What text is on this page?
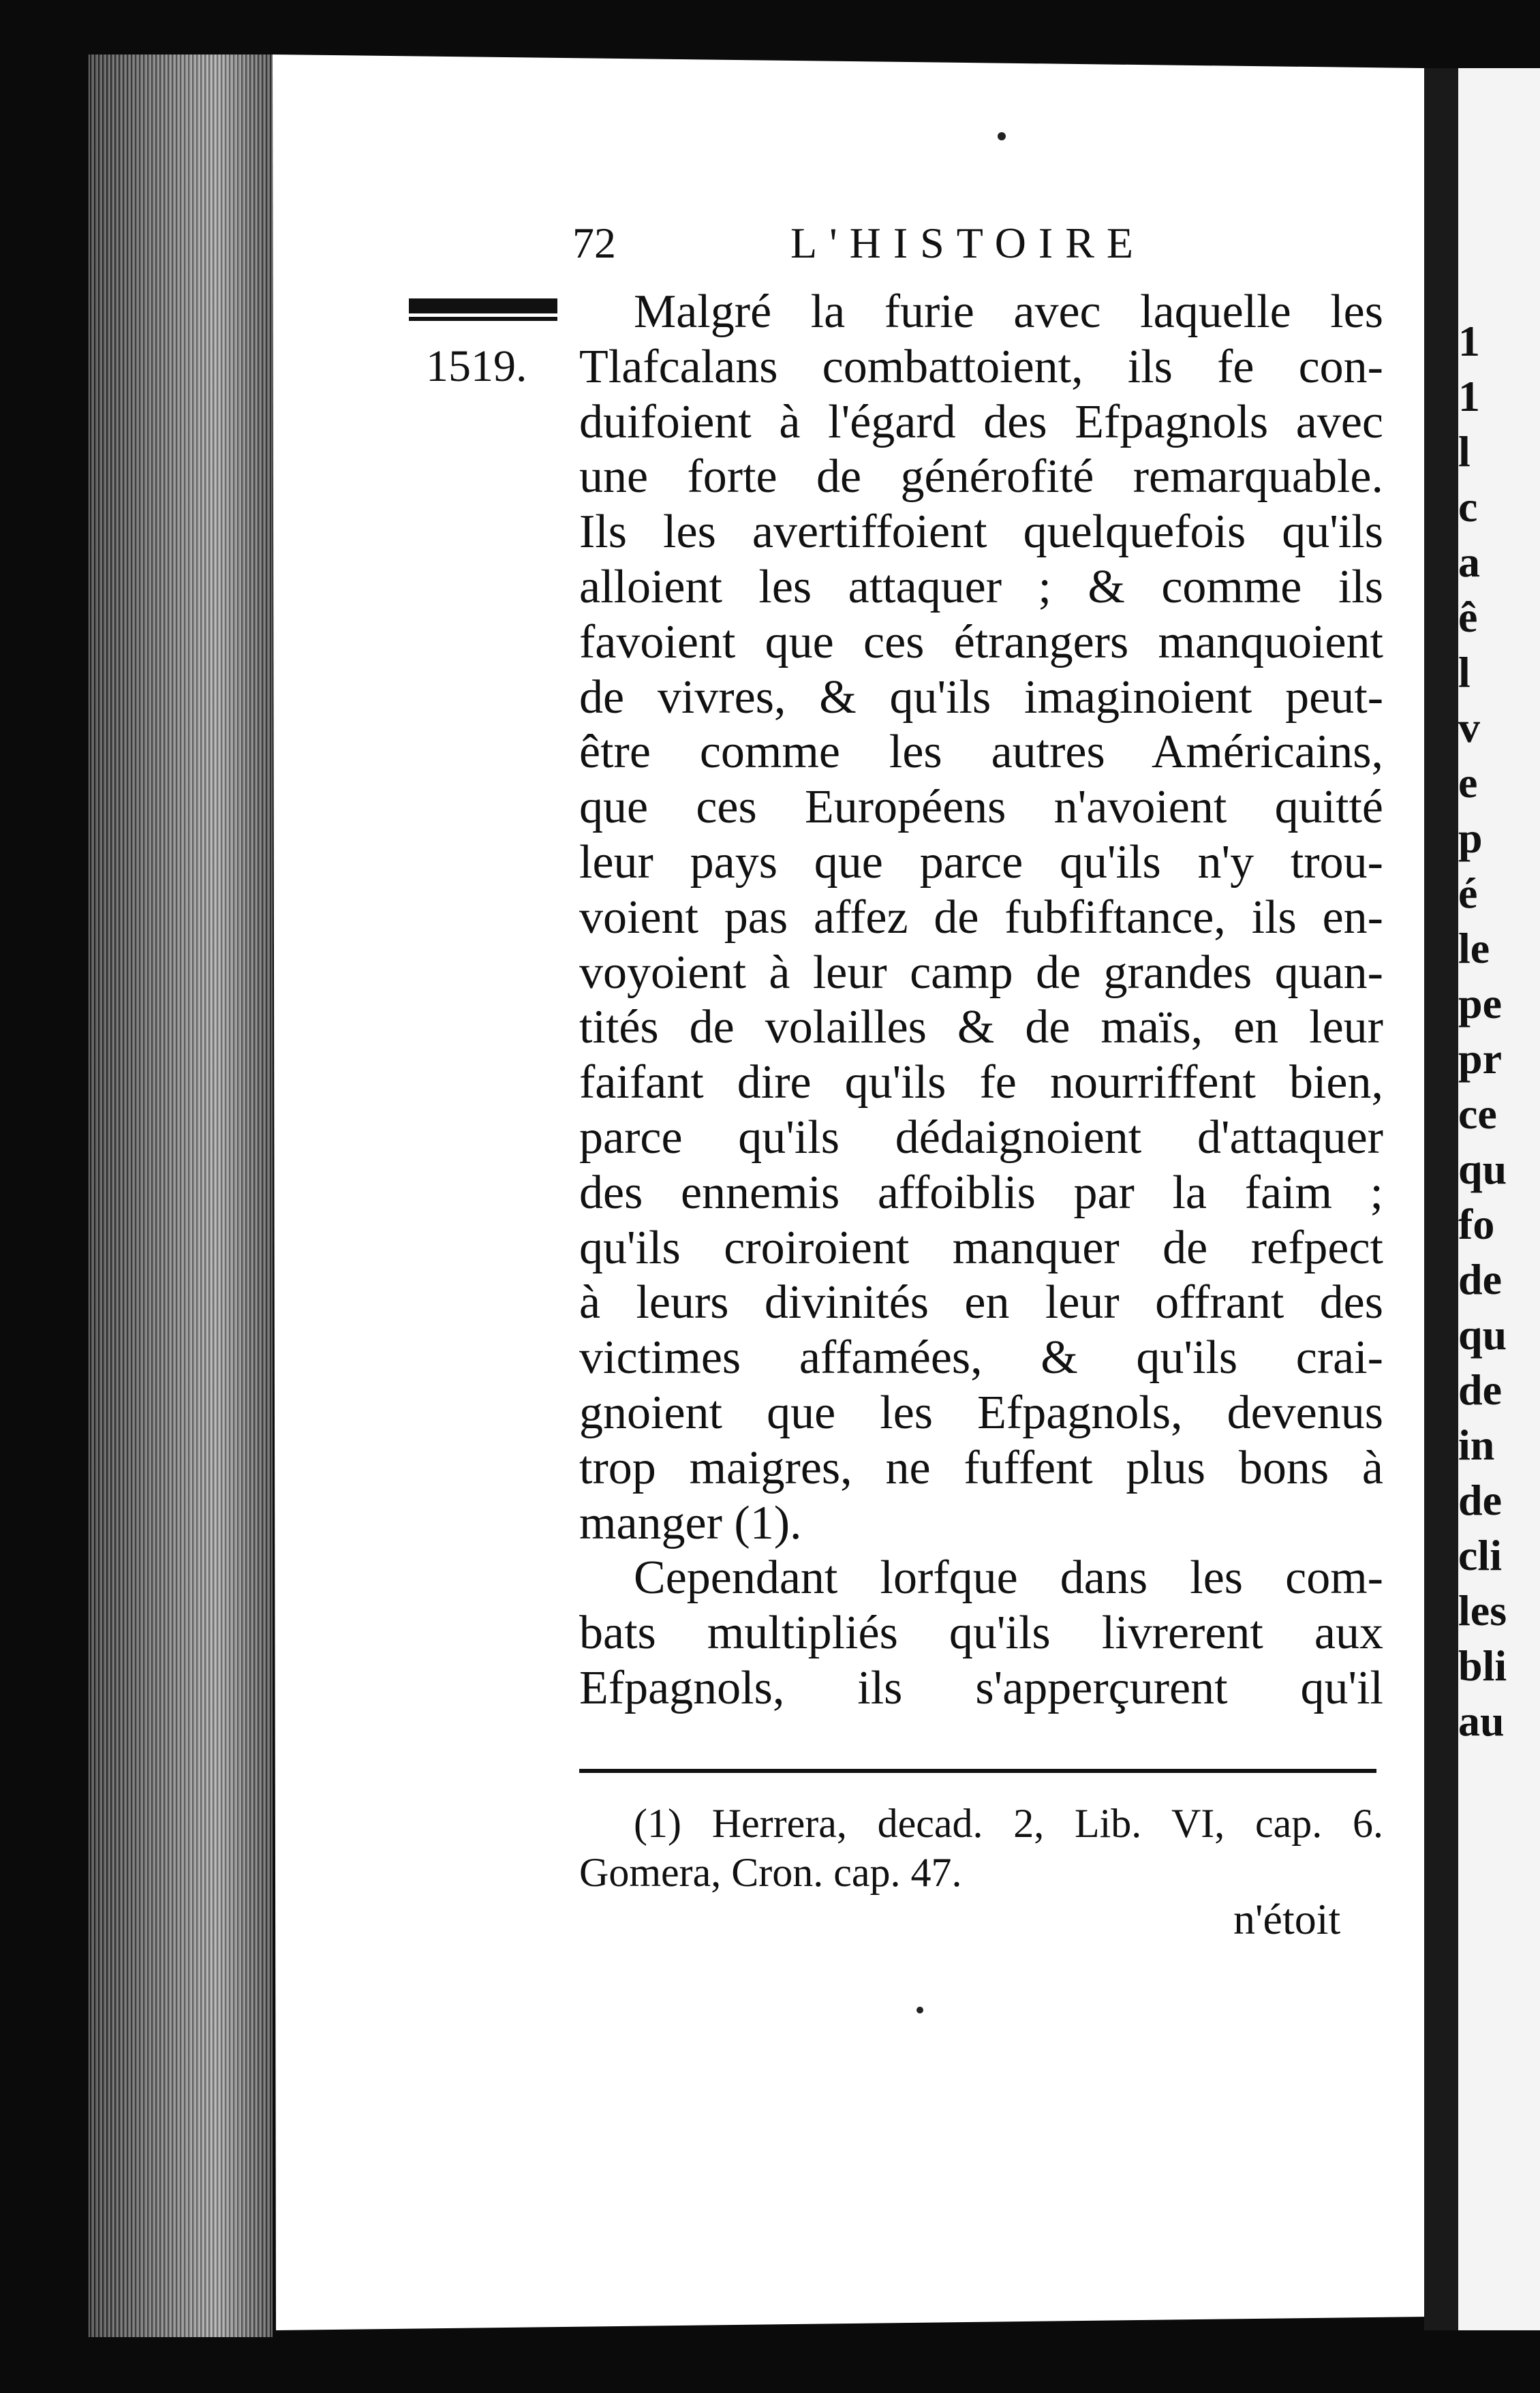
72	L'HISTOIRE
1519.
Malgré la furie avec laquelle les
Tlafcalans combattoient, ils fe con-
duifoient à l'égard des Efpagnols avec
une forte de générofité remarquable.
Ils les avertiffoient quelquefois qu'ils
alloient les attaquer ; & comme ils
favoient que ces étrangers manquoient
de vivres, & qu'ils imaginoient peut-
être comme les autres Américains,
que ces Européens n'avoient quitté
leur pays que parce qu'ils n'y trou-
voient pas affez de fubfiftance, ils en-
voyoient à leur camp de grandes quan-
tités de volailles & de maïs, en leur
faifant dire qu'ils fe nourriffent bien,
parce qu'ils dédaignoient d'attaquer
des ennemis affoiblis par la faim ;
qu'ils croiroient manquer de refpect
à leurs divinités en leur offrant des
victimes affamées, & qu'ils crai-
gnoient que les Efpagnols, devenus
trop maigres, ne fuffent plus bons à
manger (1).
Cependant lorfque dans les com-
bats multipliés qu'ils livrerent aux
Efpagnols, ils s'apperçurent qu'il
(1) Herrera, decad. 2, Lib. VI, cap. 6.
Gomera, Cron. cap. 47.
n'étoit
1
1
l
c
a
ê
l
v
e
p
é
le
pe
pr
ce
qu
fo
de
qu
de
in
de
cli
les
bli
au
